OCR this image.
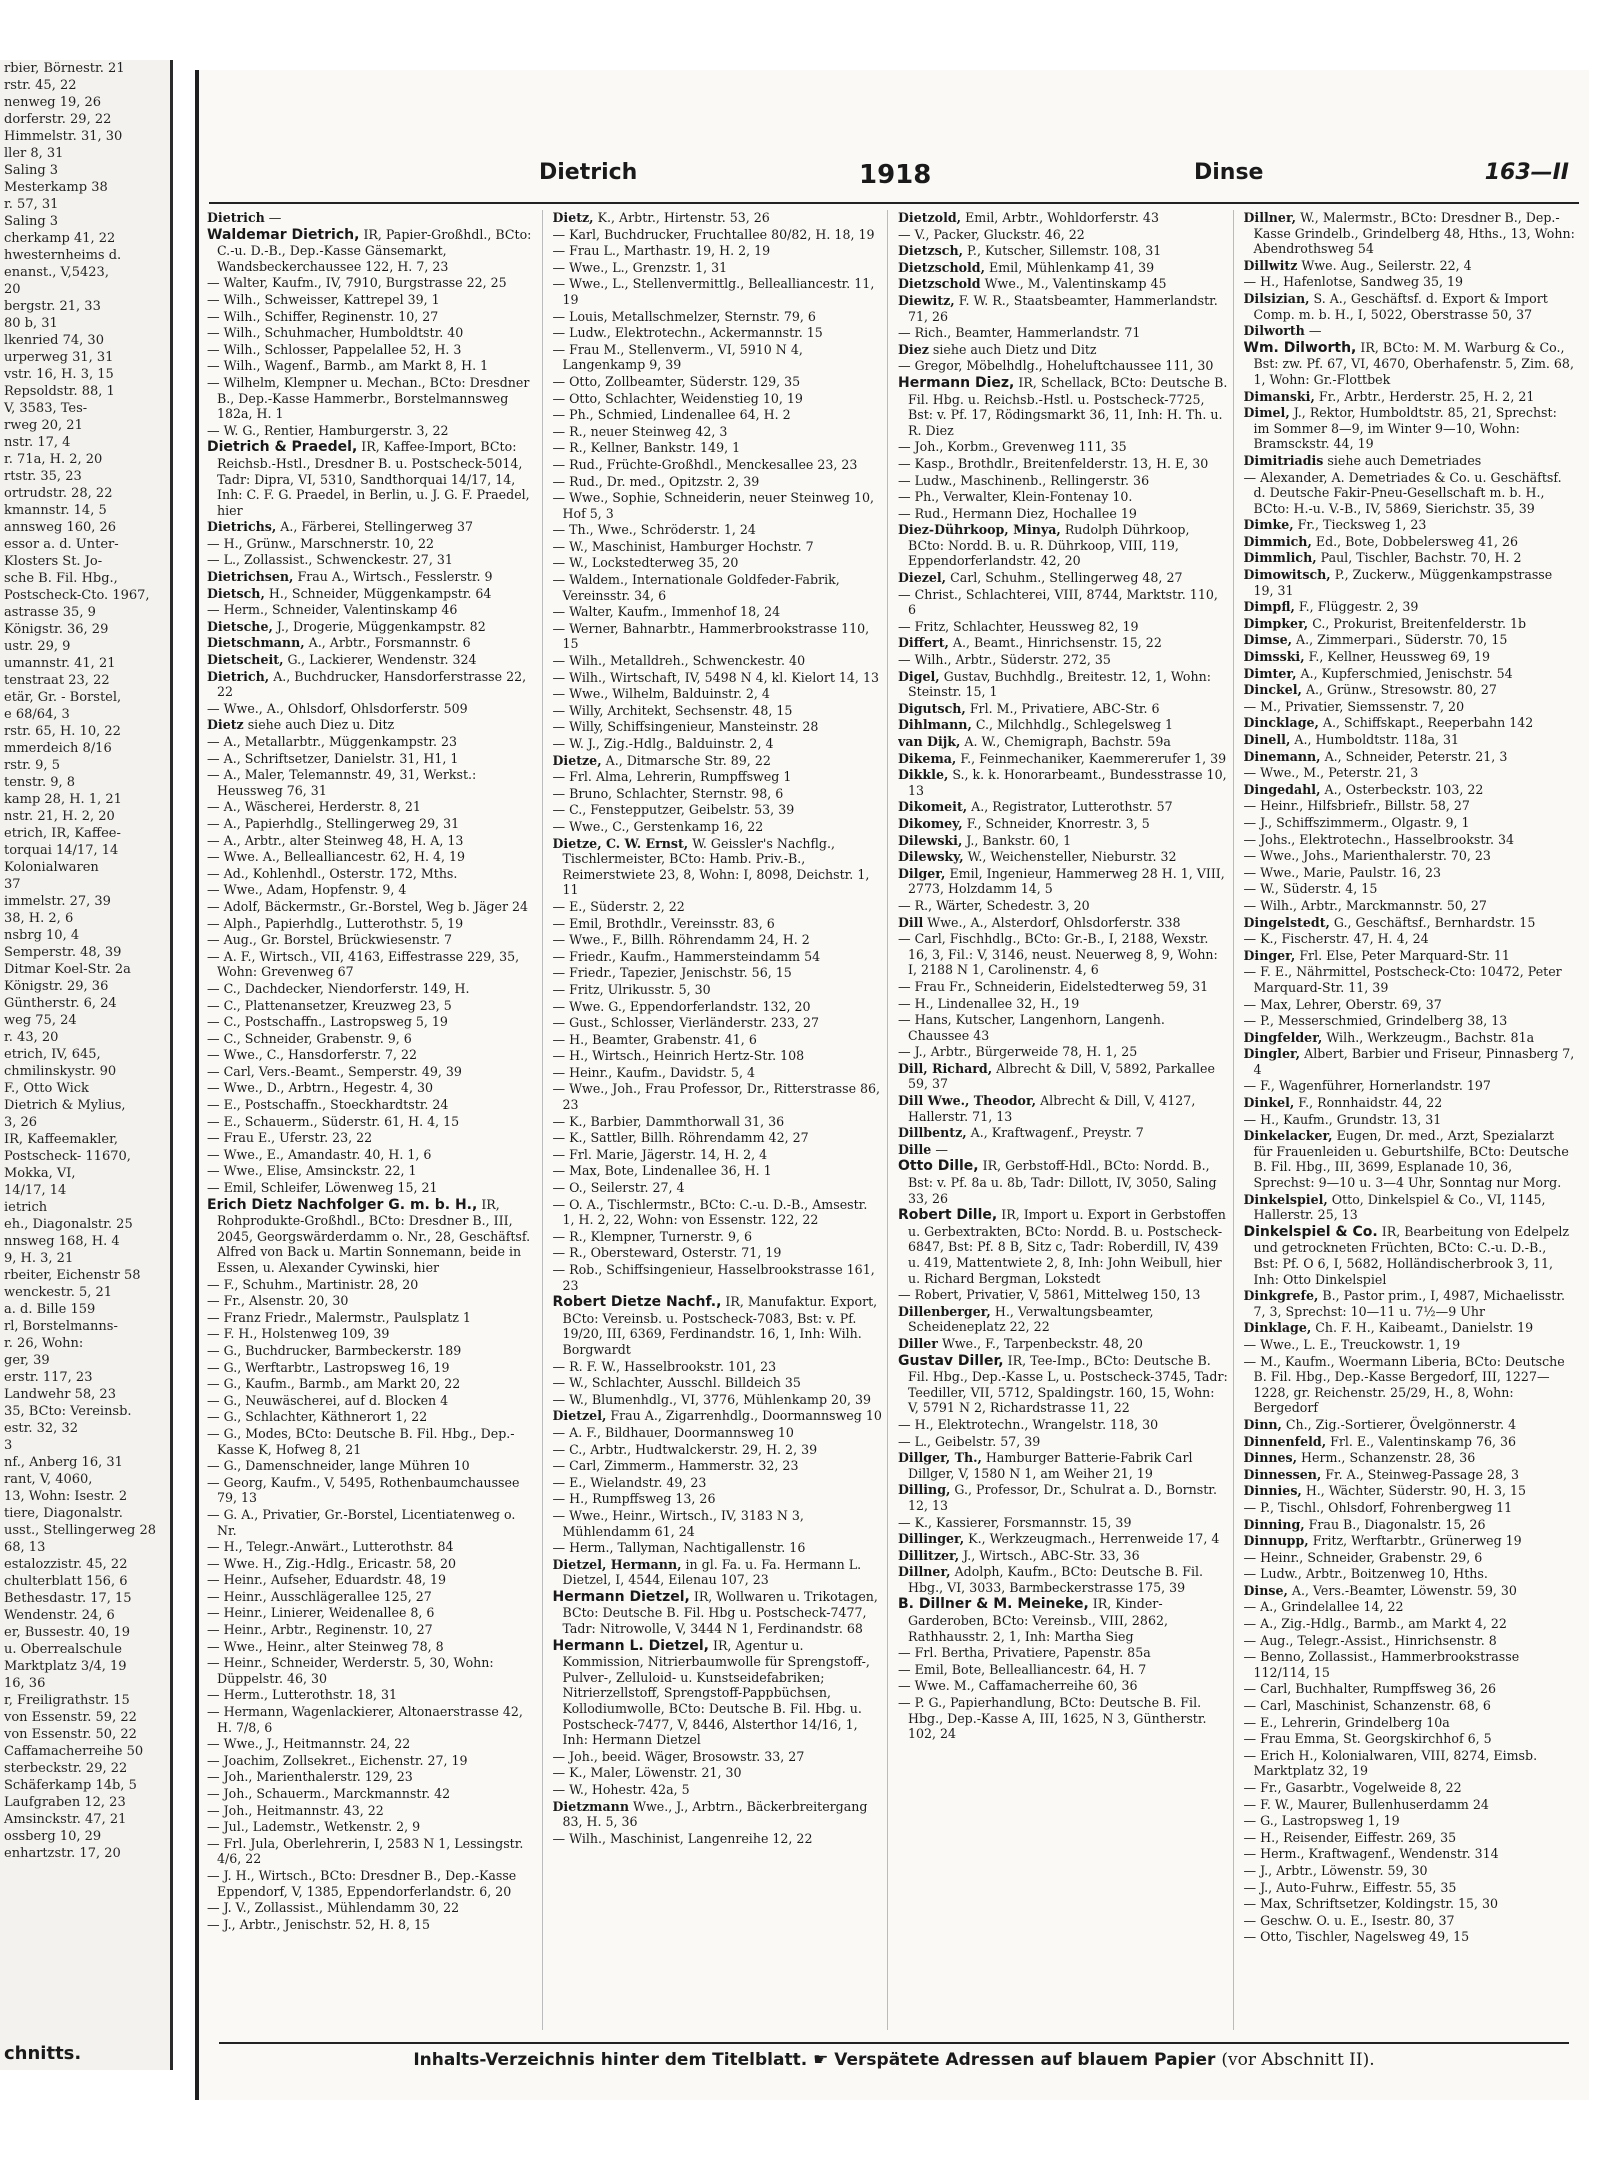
rbier, Börnestr. 21
rstr. 45, 22
nenweg 19, 26
dorferstr. 29, 22
Himmelstr. 31, 30
ller 8, 31
Saling 3
Mesterkamp 38
r. 57, 31
Saling 3
cherkamp 41, 22
hwesternheims d.
enanst., V,5423,
20
bergstr. 21, 33
80 b, 31
lkenried 74, 30
urperweg 31, 31
vstr. 16, H. 3, 15
Repsoldstr. 88, 1
V, 3583, Tes-
rweg 20, 21
nstr. 17, 4
r. 71a, H. 2, 20
rtstr. 35, 23
ortrudstr. 28, 22
kmannstr. 14, 5
annsweg 160, 26
essor a. d. Unter-
Klosters St. Jo-
sche B. Fil. Hbg.,
Postscheck-Cto. 1967,
astrasse 35, 9
Königstr. 36, 29
ustr. 29, 9
umannstr. 41, 21
tenstraat 23, 22
etär, Gr. - Borstel,
e 68/64, 3
rstr. 65, H. 10, 22
mmerdeich 8/16
rstr. 9, 5
tenstr. 9, 8
kamp 28, H. 1, 21
nstr. 21, H. 2, 20
etrich, IR, Kaffee-
torquai 14/17, 14
Kolonialwaren
37
immelstr. 27, 39
38, H. 2, 6
nsbrg 10, 4
Semperstr. 48, 39
Ditmar Koel-Str. 2a
Königstr. 29, 36
Güntherstr. 6, 24
weg 75, 24
r. 43, 20
etrich, IV, 645,
chmilinskystr. 90
F., Otto Wick
Dietrich & Mylius,
3, 26
IR, Kaffeemakler,
Postscheck- 11670,
Mokka, VI,
14/17, 14
ietrich
eh., Diagonalstr. 25
nnsweg 168, H. 4
9, H. 3, 21
rbeiter, Eichenstr 58
wenckestr. 5, 21
a. d. Bille 159
rl, Borstelmanns-
r. 26, Wohn:
ger, 39
erstr. 117, 23
Landwehr 58, 23
35, BCto: Vereinsb.
estr. 32, 32
3
nf., Anberg 16, 31
rant, V, 4060,
13, Wohn: Isestr. 2
tiere, Diagonalstr.
usst., Stellingerweg 28
68, 13
estalozzistr. 45, 22
chulterblatt 156, 6
Bethesdastr. 17, 15
Wendenstr. 24, 6
er, Bussestr. 40, 19
u. Oberrealschule
Marktplatz 3/4, 19
16, 36
r, Freiligrathstr. 15
von Essenstr. 59, 22
von Essenstr. 50, 22
Caffamacherreihe 50
sterbeckstr. 29, 22
Schäferkamp 14b, 5
Laufgraben 12, 23
Amsinckstr. 47, 21
ossberg 10, 29
enhartzstr. 17, 20
chnitts.
Dietrich	1918	Dinse	163—II
Dietrich —
Waldemar Dietrich, IR, Papier-Großhdl., BCto: C.-u. D.-B., Dep.-Kasse Gänsemarkt, Wandsbeckerchaussee 122, H. 7, 23
— Walter, Kaufm., IV, 7910, Burgstrasse 22, 25
— Wilh., Schweisser, Kattrepel 39, 1
— Wilh., Schiffer, Reginenstr. 10, 27
— Wilh., Schuhmacher, Humboldtstr. 40
— Wilh., Schlosser, Pappelallee 52, H. 3
— Wilh., Wagenf., Barmb., am Markt 8, H. 1
— Wilhelm, Klempner u. Mechan., BCto: Dresdner B., Dep.-Kasse Hammerbr., Borstelmannsweg 182a, H. 1
— W. G., Rentier, Hamburgerstr. 3, 22
Dietrich & Praedel, IR, Kaffee-Import, BCto: Reichsb.-Hstl., Dresdner B. u. Postscheck-5014, Tadr: Dipra, VI, 5310, Sandthorquai 14/17, 14, Inh: C. F. G. Praedel, in Berlin, u. J. G. F. Praedel, hier
Dietrichs, A., Färberei, Stellingerweg 37
— H., Grünw., Marschnerstr. 10, 22
— L., Zollassist., Schwenckestr. 27, 31
Dietrichsen, Frau A., Wirtsch., Fesslerstr. 9
Dietsch, H., Schneider, Müggenkampstr. 64
— Herm., Schneider, Valentinskamp 46
Dietsche, J., Drogerie, Müggenkampstr. 82
Dietschmann, A., Arbtr., Forsmannstr. 6
Dietscheit, G., Lackierer, Wendenstr. 324
Dietrich, A., Buchdrucker, Hansdorferstrasse 22, 22
— Wwe., A., Ohlsdorf, Ohlsdorferstr. 509
Dietz siehe auch Diez u. Ditz
— A., Metallarbtr., Müggenkampstr. 23
— A., Schriftsetzer, Danielstr. 31, H1, 1
— A., Maler, Telemannstr. 49, 31, Werkst.: Heussweg 76, 31
— A., Wäscherei, Herderstr. 8, 21
— A., Papierhdlg., Stellingerweg 29, 31
— A., Arbtr., alter Steinweg 48, H. A, 13
— Wwe. A., Bellealliancestr. 62, H. 4, 19
— Ad., Kohlenhdl., Osterstr. 172, Mths.
— Wwe., Adam, Hopfenstr. 9, 4
— Adolf, Bäckermstr., Gr.-Borstel, Weg b. Jäger 24
— Alph., Papierhdlg., Lutterothstr. 5, 19
— Aug., Gr. Borstel, Brückwiesenstr. 7
— A. F., Wirtsch., VII, 4163, Eiffestrasse 229, 35, Wohn: Grevenweg 67
— C., Dachdecker, Niendorferstr. 149, H.
— C., Plattenansetzer, Kreuzweg 23, 5
— C., Postschaffn., Lastropsweg 5, 19
— C., Schneider, Grabenstr. 9, 6
— Wwe., C., Hansdorferstr. 7, 22
— Carl, Vers.-Beamt., Semperstr. 49, 39
— Wwe., D., Arbtrn., Hegestr. 4, 30
— E., Postschaffn., Stoeckhardtstr. 24
— E., Schauerm., Süderstr. 61, H. 4, 15
— Frau E., Uferstr. 23, 22
— Wwe., E., Amandastr. 40, H. 1, 6
— Wwe., Elise, Amsinckstr. 22, 1
— Emil, Schleifer, Löwenweg 15, 21
Erich Dietz Nachfolger G. m. b. H., IR, Rohprodukte-Großhdl., BCto: Dresdner B., III, 2045, Georgswärderdamm o. Nr., 28, Geschäftsf. Alfred von Back u. Martin Sonnemann, beide in Essen, u. Alexander Cywinski, hier
— F., Schuhm., Martinistr. 28, 20
— Fr., Alsenstr. 20, 30
— Franz Friedr., Malermstr., Paulsplatz 1
— F. H., Holstenweg 109, 39
— G., Buchdrucker, Barmbeckerstr. 189
— G., Werftarbtr., Lastropsweg 16, 19
— G., Kaufm., Barmb., am Markt 20, 22
— G., Neuwäscherei, auf d. Blocken 4
— G., Schlachter, Käthnerort 1, 22
— G., Modes, BCto: Deutsche B. Fil. Hbg., Dep.-Kasse K, Hofweg 8, 21
— G., Damenschneider, lange Mühren 10
— Georg, Kaufm., V, 5495, Rothenbaumchaussee 79, 13
— G. A., Privatier, Gr.-Borstel, Licentiatenweg o. Nr.
— H., Telegr.-Anwärt., Lutterothstr. 84
— Wwe. H., Zig.-Hdlg., Ericastr. 58, 20
— Heinr., Aufseher, Eduardstr. 48, 19
— Heinr., Ausschlägerallee 125, 27
— Heinr., Linierer, Weidenallee 8, 6
— Heinr., Arbtr., Reginenstr. 10, 27
— Wwe., Heinr., alter Steinweg 78, 8
— Heinr., Schneider, Werderstr. 5, 30, Wohn: Düppelstr. 46, 30
— Herm., Lutterothstr. 18, 31
— Hermann, Wagenlackierer, Altonaerstrasse 42, H. 7/8, 6
— Wwe., J., Heitmannstr. 24, 22
— Joachim, Zollsekret., Eichenstr. 27, 19
— Joh., Marienthalerstr. 129, 23
— Joh., Schauerm., Marckmannstr. 42
— Joh., Heitmannstr. 43, 22
— Jul., Lademstr., Wetkenstr. 2, 9
— Frl. Jula, Oberlehrerin, I, 2583 N 1, Lessingstr. 4/6, 22
— J. H., Wirtsch., BCto: Dresdner B., Dep.-Kasse Eppendorf, V, 1385, Eppendorferlandstr. 6, 20
— J. V., Zollassist., Mühlendamm 30, 22
— J., Arbtr., Jenischstr. 52, H. 8, 15
Dietz, K., Arbtr., Hirtenstr. 53, 26
— Karl, Buchdrucker, Fruchtallee 80/82, H. 18, 19
— Frau L., Marthastr. 19, H. 2, 19
— Wwe., L., Grenzstr. 1, 31
— Wwe., L., Stellenvermittlg., Bellealliancestr. 11, 19
— Louis, Metallschmelzer, Sternstr. 79, 6
— Ludw., Elektrotechn., Ackermannstr. 15
— Frau M., Stellenverm., VI, 5910 N 4, Langenkamp 9, 39
— Otto, Zollbeamter, Süderstr. 129, 35
— Otto, Schlachter, Weidenstieg 10, 19
— Ph., Schmied, Lindenallee 64, H. 2
— R., neuer Steinweg 42, 3
— R., Kellner, Bankstr. 149, 1
— Rud., Früchte-Großhdl., Menckesallee 23, 23
— Rud., Dr. med., Opitzstr. 2, 39
— Wwe., Sophie, Schneiderin, neuer Steinweg 10, Hof 5, 3
— Th., Wwe., Schröderstr. 1, 24
— W., Maschinist, Hamburger Hochstr. 7
— W., Lockstedterweg 35, 20
— Waldem., Internationale Goldfeder-Fabrik, Vereinsstr. 34, 6
— Walter, Kaufm., Immenhof 18, 24
— Werner, Bahnarbtr., Hammerbrookstrasse 110, 15
— Wilh., Metalldreh., Schwenckestr. 40
— Wilh., Wirtschaft, IV, 5498 N 4, kl. Kielort 14, 13
— Wwe., Wilhelm, Balduinstr. 2, 4
— Willy, Architekt, Sechsenstr. 48, 15
— Willy, Schiffsingenieur, Mansteinstr. 28
— W. J., Zig.-Hdlg., Balduinstr. 2, 4
Dietze, A., Ditmarsche Str. 89, 22
— Frl. Alma, Lehrerin, Rumpffsweg 1
— Bruno, Schlachter, Sternstr. 98, 6
— C., Fenstерputzer, Geibelstr. 53, 39
— Wwe., C., Gerstenkamp 16, 22
Dietze, C. W. Ernst, W. Geissler's Nachflg., Tischlermeister, BCto: Hamb. Priv.-B., Reimerstwiete 23, 8, Wohn: I, 8098, Deichstr. 1, 11
— E., Süderstr. 2, 22
— Emil, Brothdlr., Vereinsstr. 83, 6
— Wwe., F., Billh. Röhrendamm 24, H. 2
— Friedr., Kaufm., Hammersteindamm 54
— Friedr., Tapezier, Jenischstr. 56, 15
— Fritz, Ulrikusstr. 5, 30
— Wwe. G., Eppendorferlandstr. 132, 20
— Gust., Schlosser, Vierländerstr. 233, 27
— H., Beamter, Grabenstr. 41, 6
— H., Wirtsch., Heinrich Hertz-Str. 108
— Heinr., Kaufm., Davidstr. 5, 4
— Wwe., Joh., Frau Professor, Dr., Ritterstrasse 86, 23
— K., Barbier, Dammthorwall 31, 36
— K., Sattler, Billh. Röhrendamm 42, 27
— Frl. Marie, Jägerstr. 14, H. 2, 4
— Max, Bote, Lindenallee 36, H. 1
— O., Seilerstr. 27, 4
— O. A., Tischlermstr., BCto: C.-u. D.-B., Amsestr. 1, H. 2, 22, Wohn: von Essenstr. 122, 22
— R., Klempner, Turnerstr. 9, 6
— R., Obersteward, Osterstr. 71, 19
— Rob., Schiffsingenieur, Hasselbrookstrasse 161, 23
Robert Dietze Nachf., IR, Manufaktur. Export, BCto: Vereinsb. u. Postscheck-7083, Bst: v. Pf. 19/20, III, 6369, Ferdinandstr. 16, 1, Inh: Wilh. Borgwardt
— R. F. W., Hasselbrookstr. 101, 23
— W., Schlachter, Ausschl. Billdeich 35
— W., Blumenhdlg., VI, 3776, Mühlenkamp 20, 39
Dietzel, Frau A., Zigarrenhdlg., Doormannsweg 10
— A. F., Bildhauer, Doormannsweg 10
— C., Arbtr., Hudtwalckerstr. 29, H. 2, 39
— Carl, Zimmerm., Hammerstr. 32, 23
— E., Wielandstr. 49, 23
— H., Rumpffsweg 13, 26
— Wwe., Heinr., Wirtsch., IV, 3183 N 3, Mühlendamm 61, 24
— Herm., Tallyman, Nachtigallenstr. 16
Dietzel, Hermann, in gl. Fa. u. Fa. Hermann L. Dietzel, I, 4544, Eilenau 107, 23
Hermann Dietzel, IR, Wollwaren u. Trikotagen, BCto: Deutsche B. Fil. Hbg u. Postscheck-7477, Tadr: Nitrowolle, V, 3444 N 1, Ferdinandstr. 68
Hermann L. Dietzel, IR, Agentur u. Kommission, Nitrierbaumwolle für Sprengstoff-, Pulver-, Zelluloid- u. Kunstseidefabriken; Nitrierzellstoff, Sprengstoff-Pappbüchsen, Kollodiumwolle, BCto: Deutsche B. Fil. Hbg. u. Postscheck-7477, V, 8446, Alsterthor 14/16, 1, Inh: Hermann Dietzel
— Joh., beeid. Wäger, Brosowstr. 33, 27
— K., Maler, Löwenstr. 21, 30
— W., Hohestr. 42a, 5
Dietzmann Wwe., J., Arbtrn., Bäckerbreitergang 83, H. 5, 36
— Wilh., Maschinist, Langenreihe 12, 22
Dietzold, Emil, Arbtr., Wohldorferstr. 43
— V., Packer, Gluckstr. 46, 22
Dietzsch, P., Kutscher, Sillemstr. 108, 31
Dietzschold, Emil, Mühlenkamp 41, 39
Dietzschold Wwe., M., Valentinskamp 45
Diewitz, F. W. R., Staatsbeamter, Hammerlandstr. 71, 26
— Rich., Beamter, Hammerlandstr. 71
Diez siehe auch Dietz und Ditz
— Gregor, Möbelhdlg., Hoheluftchaussee 111, 30
Hermann Diez, IR, Schellack, BCto: Deutsche B. Fil. Hbg. u. Reichsb.-Hstl. u. Postscheck-7725, Bst: v. Pf. 17, Rödingsmarkt 36, 11, Inh: H. Th. u. R. Diez
— Joh., Korbm., Grevenweg 111, 35
— Kasp., Brothdlr., Breitenfelderstr. 13, H. E, 30
— Ludw., Maschinenb., Rellingerstr. 36
— Ph., Verwalter, Klein-Fontenay 10.
— Rud., Hermann Diez, Hochallee 19
Diez-Dührkoop, Minya, Rudolph Dührkoop, BCto: Nordd. B. u. R. Dührkoop, VIII, 119, Eppendorferlandstr. 42, 20
Diezel, Carl, Schuhm., Stellingerweg 48, 27
— Christ., Schlachterei, VIII, 8744, Marktstr. 110, 6
— Fritz, Schlachter, Heussweg 82, 19
Differt, A., Beamt., Hinrichsenstr. 15, 22
— Wilh., Arbtr., Süderstr. 272, 35
Digel, Gustav, Buchhdlg., Breitestr. 12, 1, Wohn: Steinstr. 15, 1
Digutsch, Frl. M., Privatiere, ABC-Str. 6
Dihlmann, C., Milchhdlg., Schlegelsweg 1
van Dijk, A. W., Chemigraph, Bachstr. 59a
Dikema, F., Feinmechaniker, Kaemmererufer 1, 39
Dikkle, S., k. k. Honorarbeamt., Bundesstrasse 10, 13
Dikomeit, A., Registrator, Lutterothstr. 57
Dikomey, F., Schneider, Knorrestr. 3, 5
Dilewski, J., Bankstr. 60, 1
Dilewsky, W., Weichensteller, Nieburstr. 32
Dilger, Emil, Ingenieur, Hammerweg 28 H. 1, VIII, 2773, Holzdamm 14, 5
— R., Wärter, Schedestr. 3, 20
Dill Wwe., A., Alsterdorf, Ohlsdorferstr. 338
— Carl, Fischhdlg., BCto: Gr.-B., I, 2188, Wexstr. 16, 3, Fil.: V, 3146, neust. Neuerweg 8, 9, Wohn: I, 2188 N 1, Carolinenstr. 4, 6
— Frau Fr., Schneiderin, Eidelstedterweg 59, 31
— H., Lindenallee 32, H., 19
— Hans, Kutscher, Langenhorn, Langenh. Chaussee 43
— J., Arbtr., Bürgerweide 78, H. 1, 25
Dill, Richard, Albrecht & Dill, V, 5892, Parkallee 59, 37
Dill Wwe., Theodor, Albrecht & Dill, V, 4127, Hallerstr. 71, 13
Dillbentz, A., Kraftwagenf., Preystr. 7
Dille —
Otto Dille, IR, Gerbstoff-Hdl., BCto: Nordd. B., Bst: v. Pf. 8a u. 8b, Tadr: Dillott, IV, 3050, Saling 33, 26
Robert Dille, IR, Import u. Export in Gerbstoffen u. Gerbextrakten, BCto: Nordd. B. u. Postscheck-6847, Bst: Pf. 8 B, Sitz c, Tadr: Roberdill, IV, 439 u. 419, Mattentwiete 2, 8, Inh: John Weibull, hier u. Richard Bergman, Lokstedt
— Robert, Privatier, V, 5861, Mittelweg 150, 13
Dillenberger, H., Verwaltungsbeamter, Scheideneplatz 22, 22
Diller Wwe., F., Tarpenbeckstr. 48, 20
Gustav Diller, IR, Tee-Imp., BCto: Deutsche B. Fil. Hbg., Dep.-Kasse L, u. Postscheck-3745, Tadr: Teediller, VII, 5712, Spaldingstr. 160, 15, Wohn: V, 5791 N 2, Richardstrasse 11, 22
— H., Elektrotechn., Wrangelstr. 118, 30
— L., Geibelstr. 57, 39
Dillger, Th., Hamburger Batterie-Fabrik Carl Dillger, V, 1580 N 1, am Weiher 21, 19
Dilling, G., Professor, Dr., Schulrat a. D., Bornstr. 12, 13
— K., Kassierer, Forsmannstr. 15, 39
Dillinger, K., Werkzeugmach., Herrenweide 17, 4
Dillitzer, J., Wirtsch., ABC-Str. 33, 36
Dillner, Adolph, Kaufm., BCto: Deutsche B. Fil. Hbg., VI, 3033, Barmbeckerstrasse 175, 39
B. Dillner & M. Meineke, IR, Kinder-Garderoben, BCto: Vereinsb., VIII, 2862, Rathhausstr. 2, 1, Inh: Martha Sieg
— Frl. Bertha, Privatiere, Papenstr. 85a
— Emil, Bote, Bellealliancestr. 64, H. 7
— Wwe. M., Caffamacherreihe 60, 36
— P. G., Papierhandlung, BCto: Deutsche B. Fil. Hbg., Dep.-Kasse A, III, 1625, N 3, Güntherstr. 102, 24
Dillner, W., Malermstr., BCto: Dresdner B., Dep.-Kasse Grindelb., Grindelberg 48, Hths., 13, Wohn: Abendrothsweg 54
Dillwitz Wwe. Aug., Seilerstr. 22, 4
— H., Hafenlotse, Sandweg 35, 19
Dilsizian, S. A., Geschäftsf. d. Export & Import Comp. m. b. H., I, 5022, Oberstrasse 50, 37
Dilworth —
Wm. Dilworth, IR, BCto: M. M. Warburg & Co., Bst: zw. Pf. 67, VI, 4670, Oberhafenstr. 5, Zim. 68, 1, Wohn: Gr.-Flottbek
Dimanski, Fr., Arbtr., Herderstr. 25, H. 2, 21
Dimel, J., Rektor, Humboldtstr. 85, 21, Sprechst: im Sommer 8—9, im Winter 9—10, Wohn: Bramsckstr. 44, 19
Dimitriadis siehe auch Demetriades
— Alexander, A. Demetriades & Co. u. Geschäftsf. d. Deutsche Fakir-Pneu-Gesellschaft m. b. H., BCto: H.-u. V.-B., IV, 5869, Sierichstr. 35, 39
Dimke, Fr., Tiecksweg 1, 23
Dimmich, Ed., Bote, Dobbelersweg 41, 26
Dimmlich, Paul, Tischler, Bachstr. 70, H. 2
Dimowitsch, P., Zuckerw., Müggenkampstrasse 19, 31
Dimpfl, F., Flüggestr. 2, 39
Dimpker, C., Prokurist, Breitenfelderstr. 1b
Dimse, A., Zimmerpari., Süderstr. 70, 15
Dimsski, F., Kellner, Heussweg 69, 19
Dimter, A., Kupferschmied, Jenischstr. 54
Dinckel, A., Grünw., Stresowstr. 80, 27
— M., Privatier, Siemssenstr. 7, 20
Dincklage, A., Schiffskapt., Reeperbahn 142
Dinell, A., Humboldtstr. 118a, 31
Dinemann, A., Schneider, Peterstr. 21, 3
— Wwe., M., Peterstr. 21, 3
Dingedahl, A., Osterbeckstr. 103, 22
— Heinr., Hilfsbriefr., Billstr. 58, 27
— J., Schiffszimmerm., Olgastr. 9, 1
— Johs., Elektrotechn., Hasselbrookstr. 34
— Wwe., Johs., Marienthalerstr. 70, 23
— Wwe., Marie, Paulstr. 16, 23
— W., Süderstr. 4, 15
— Wilh., Arbtr., Marckmannstr. 50, 27
Dingelstedt, G., Geschäftsf., Bernhardstr. 15
— K., Fischerstr. 47, H. 4, 24
Dinger, Frl. Else, Peter Marquard-Str. 11
— F. E., Nährmittel, Postscheck-Cto: 10472, Peter Marquard-Str. 11, 39
— Max, Lehrer, Oberstr. 69, 37
— P., Messerschmied, Grindelberg 38, 13
Dingfelder, Wilh., Werkzeugm., Bachstr. 81a
Dingler, Albert, Barbier und Friseur, Pinnasberg 7, 4
— F., Wagenführer, Hornerlandstr. 197
Dinkel, F., Ronnhaidstr. 44, 22
— H., Kaufm., Grundstr. 13, 31
Dinkelacker, Eugen, Dr. med., Arzt, Spezialarzt für Frauenleiden u. Geburtshilfe, BCto: Deutsche B. Fil. Hbg., III, 3699, Esplanade 10, 36, Sprechst: 9—10 u. 3—4 Uhr, Sonntag nur Morg.
Dinkelspiel, Otto, Dinkelspiel & Co., VI, 1145, Hallerstr. 25, 13
Dinkelspiel & Co. IR, Bearbeitung von Edelpelz und getrockneten Früchten, BCto: C.-u. D.-B., Bst: Pf. O 6, I, 5682, Holländischerbrook 3, 11, Inh: Otto Dinkelspiel
Dinkgrefe, B., Pastor prim., I, 4987, Michaelisstr. 7, 3, Sprechst: 10—11 u. 7½—9 Uhr
Dinklage, Ch. F. H., Kaibeamt., Danielstr. 19
— Wwe., L. E., Treuckowstr. 1, 19
— M., Kaufm., Woermann Liberia, BCto: Deutsche B. Fil. Hbg., Dep.-Kasse Bergedorf, III, 1227—1228, gr. Reichenstr. 25/29, H., 8, Wohn: Bergedorf
Dinn, Ch., Zig.-Sortierer, Övelgönnerstr. 4
Dinnenfeld, Frl. E., Valentinskamp 76, 36
Dinnes, Herm., Schanzenstr. 28, 36
Dinnessen, Fr. A., Steinweg-Passage 28, 3
Dinnies, H., Wächter, Süderstr. 90, H. 3, 15
— P., Tischl., Ohlsdorf, Fohrenbergweg 11
Dinning, Frau B., Diagonalstr. 15, 26
Dinnupp, Fritz, Werftarbtr., Grünerweg 19
— Heinr., Schneider, Grabenstr. 29, 6
— Ludw., Arbtr., Boitzenweg 10, Hths.
Dinse, A., Vers.-Beamter, Löwenstr. 59, 30
— A., Grindelallee 14, 22
— A., Zig.-Hdlg., Barmb., am Markt 4, 22
— Aug., Telegr.-Assist., Hinrichsenstr. 8
— Benno, Zollassist., Hammerbrookstrasse 112/114, 15
— Carl, Buchhalter, Rumpffsweg 36, 26
— Carl, Maschinist, Schanzenstr. 68, 6
— E., Lehrerin, Grindelberg 10a
— Frau Emma, St. Georgskirchhof 6, 5
— Erich H., Kolonialwaren, VIII, 8274, Eimsb. Marktplatz 32, 19
— Fr., Gasarbtr., Vogelweide 8, 22
— F. W., Maurer, Bullenhuserdamm 24
— G., Lastropsweg 1, 19
— H., Reisender, Eiffestr. 269, 35
— Herm., Kraftwagenf., Wendenstr. 314
— J., Arbtr., Löwenstr. 59, 30
— J., Auto-Fuhrw., Eiffestr. 55, 35
— Max, Schriftsetzer, Koldingstr. 15, 30
— Geschw. O. u. E., Isestr. 80, 37
— Otto, Tischler, Nagelsweg 49, 15
Inhalts-Verzeichnis hinter dem Titelblatt. ☛ Verspätete Adressen auf blauem Papier (vor Abschnitt II).
